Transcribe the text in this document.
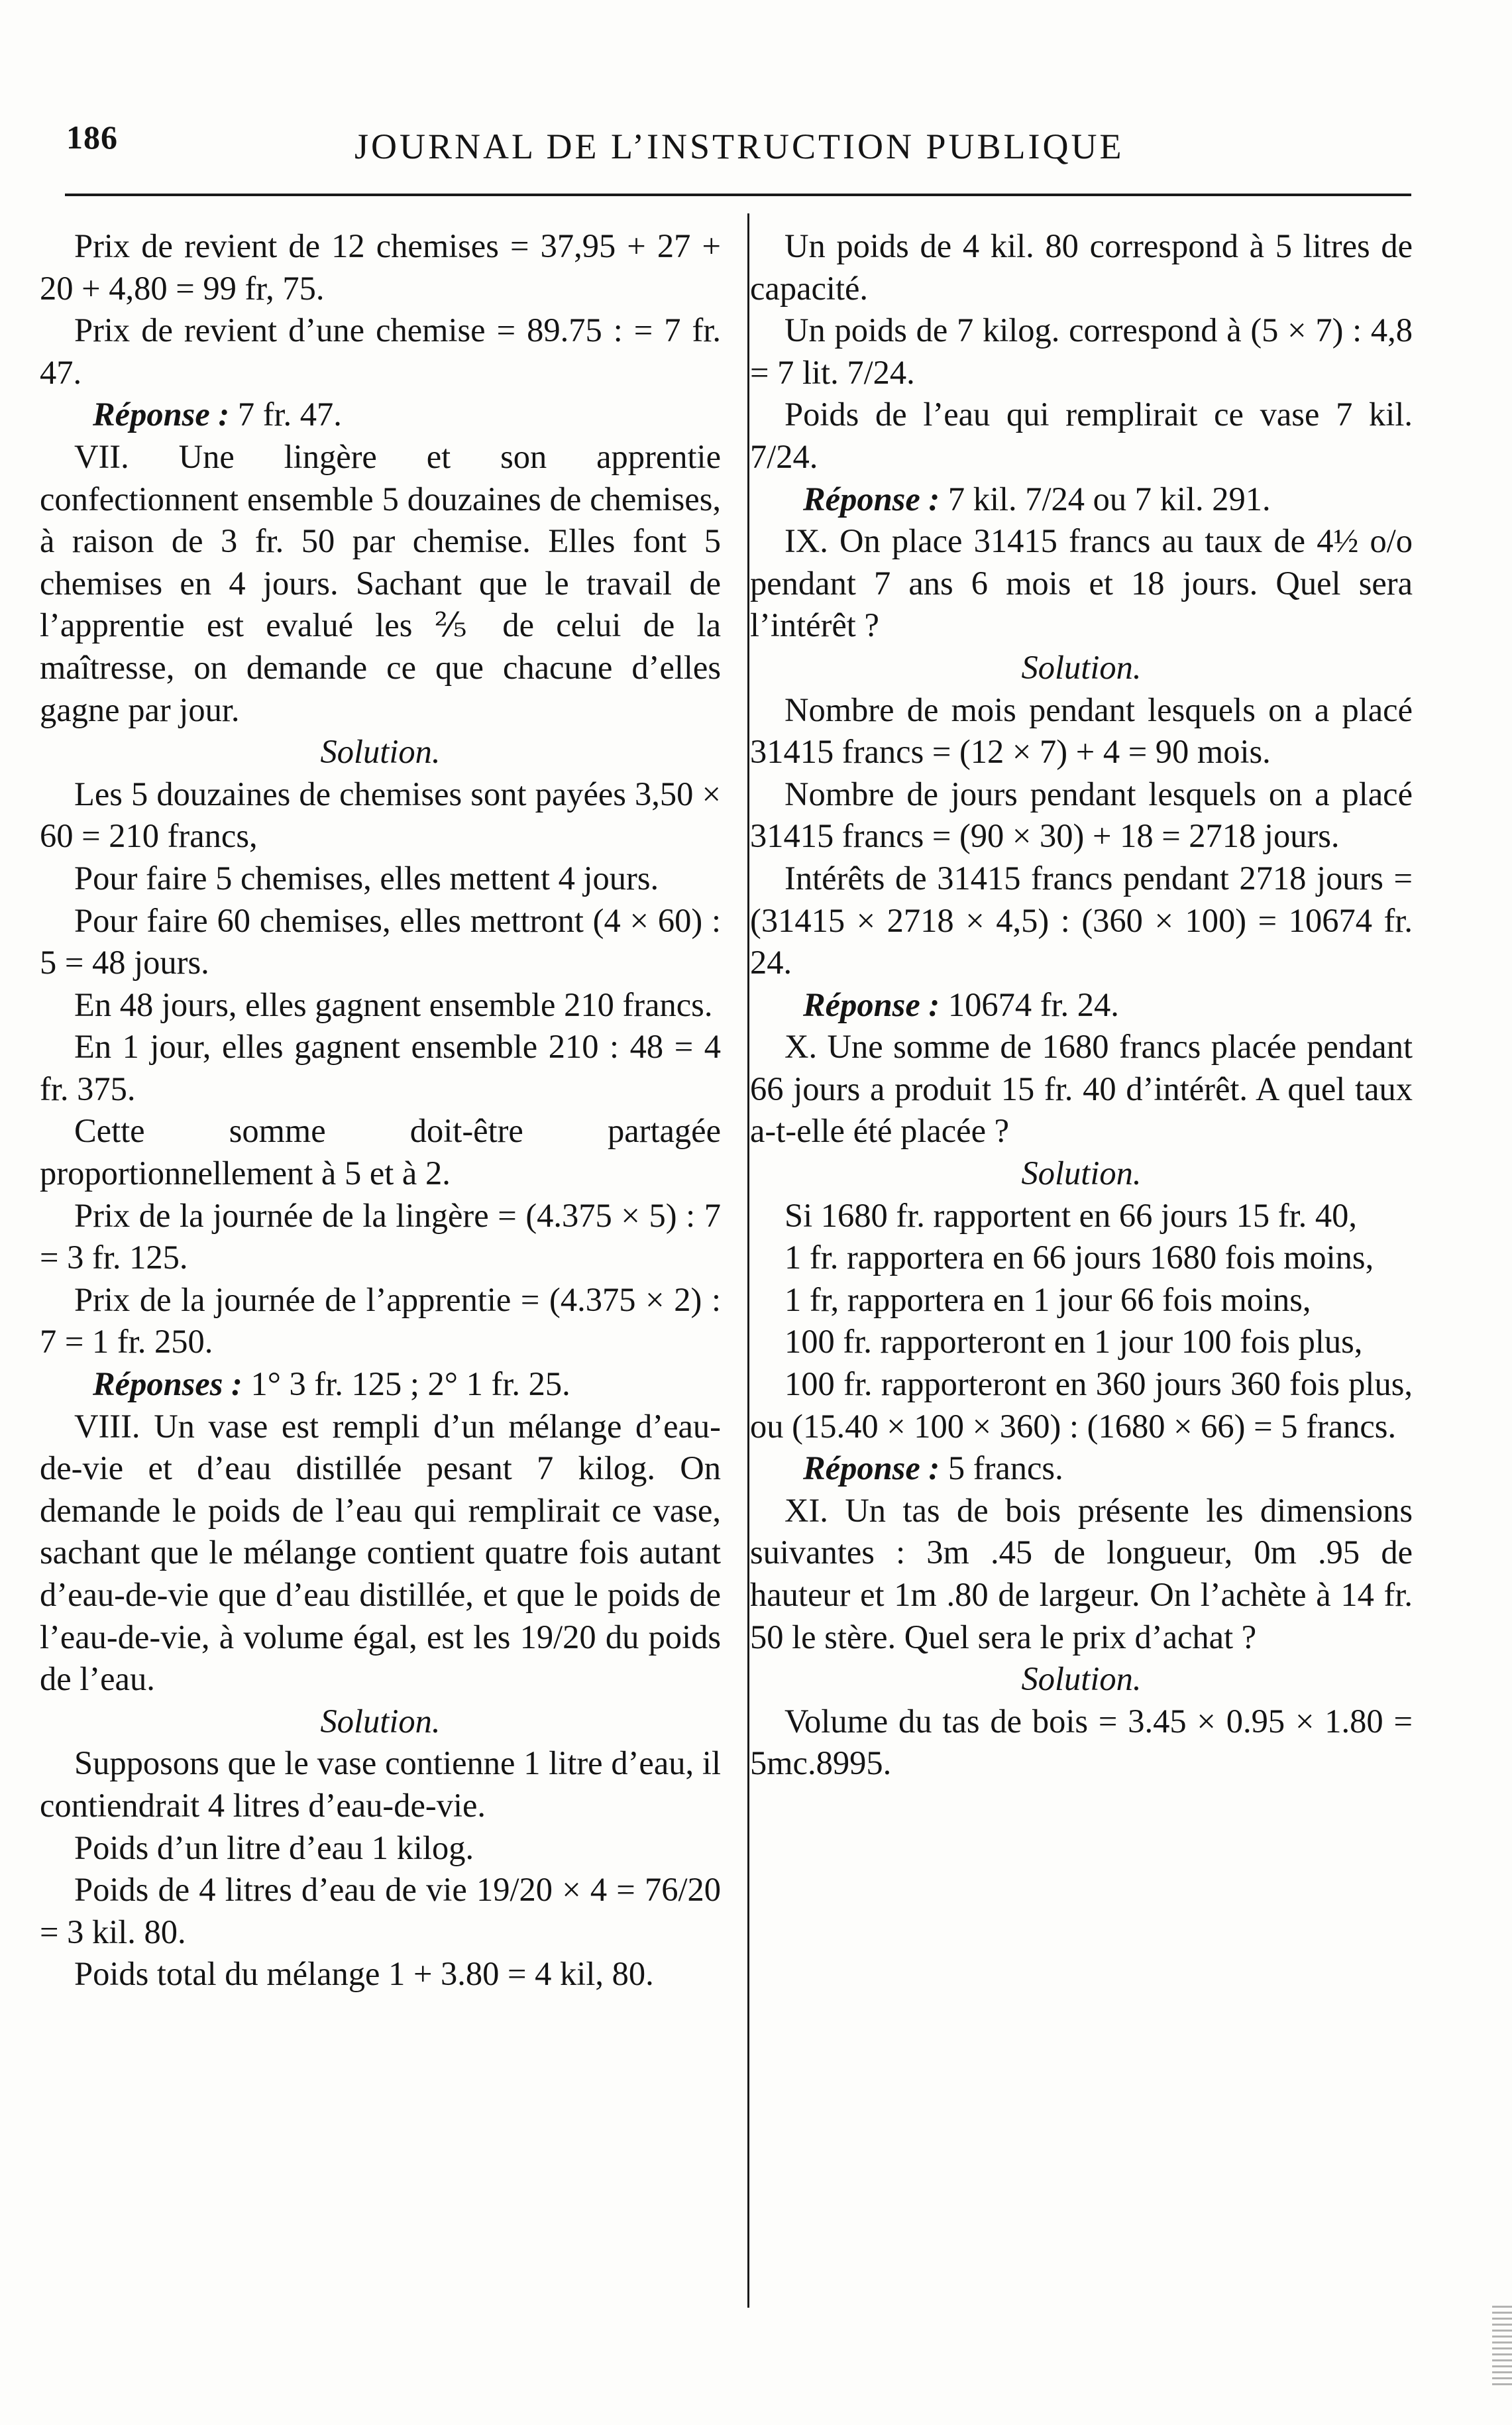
186	JOURNAL DE L’INSTRUCTION PUBLIQUE

Prix de revient de 12 chemises = 37,95 + 27 + 20 + 4,80 = 99 fr, 75.

Prix de revient d’une chemise = 89.75 : = 7 fr. 47.

Réponse : 7 fr. 47.

VII. Une lingère et son apprentie confectionnent ensemble 5 douzaines de chemises, à raison de 3 fr. 50 par chemise. Elles font 5 chemises en 4 jours. Sachant que le travail de l’apprentie est evalué les ⅖ de celui de la maîtresse, on demande ce que chacune d’elles gagne par jour.

Solution.

Les 5 douzaines de chemises sont payées 3,50 × 60 = 210 francs,

Pour faire 5 chemises, elles mettent 4 jours.

Pour faire 60 chemises, elles mettront (4 × 60) : 5 = 48 jours.

En 48 jours, elles gagnent ensemble 210 francs.

En 1 jour, elles gagnent ensemble 210 : 48 = 4 fr. 375.

Cette somme doit-être partagée proportionnellement à 5 et à 2.

Prix de la journée de la lingère = (4.375 × 5) : 7 = 3 fr. 125.

Prix de la journée de l’apprentie = (4.375 × 2) : 7 = 1 fr. 250.

Réponses : 1° 3 fr. 125 ; 2° 1 fr. 25.

VIII. Un vase est rempli d’un mélange d’eau-de-vie et d’eau distillée pesant 7 kilog. On demande le poids de l’eau qui remplirait ce vase, sachant que le mélange contient quatre fois autant d’eau-de-vie que d’eau distillée, et que le poids de l’eau-de-vie, à volume égal, est les 19/20 du poids de l’eau.

Solution.

Supposons que le vase contienne 1 litre d’eau, il contiendrait 4 litres d’eau-de-vie.

Poids d’un litre d’eau 1 kilog.

Poids de 4 litres d’eau de vie 19/20 × 4 = 76/20 = 3 kil. 80.

Poids total du mélange 1 + 3.80 = 4 kil, 80.

Un poids de 4 kil. 80 correspond à 5 litres de capacité.

Un poids de 7 kilog. correspond à (5 × 7) : 4,8 = 7 lit. 7/24.

Poids de l’eau qui remplirait ce vase 7 kil. 7/24.

Réponse : 7 kil. 7/24 ou 7 kil. 291.

IX. On place 31415 francs au taux de 4½ o/o pendant 7 ans 6 mois et 18 jours. Quel sera l’intérêt ?

Solution.

Nombre de mois pendant lesquels on a placé 31415 francs = (12 × 7) + 4 = 90 mois.

Nombre de jours pendant lesquels on a placé 31415 francs = (90 × 30) + 18 = 2718 jours.

Intérêts de 31415 francs pendant 2718 jours = (31415 × 2718 × 4,5) : (360 × 100) = 10674 fr. 24.

Réponse : 10674 fr. 24.

X. Une somme de 1680 francs placée pendant 66 jours a produit 15 fr. 40 d’intérêt. A quel taux a-t-elle été placée ?

Solution.

Si 1680 fr. rapportent en 66 jours 15 fr. 40,

1 fr. rapportera en 66 jours 1680 fois moins,

1 fr, rapportera en 1 jour 66 fois moins,

100 fr. rapporteront en 1 jour 100 fois plus,

100 fr. rapporteront en 360 jours 360 fois plus, ou (15.40 × 100 × 360) : (1680 × 66) = 5 francs.

Réponse : 5 francs.

XI. Un tas de bois présente les dimensions suivantes : 3m .45 de longueur, 0m .95 de hauteur et 1m .80 de largeur. On l’achète à 14 fr. 50 le stère. Quel sera le prix d’achat ?

Solution.

Volume du tas de bois = 3.45 × 0.95 × 1.80 = 5mc.8995.
